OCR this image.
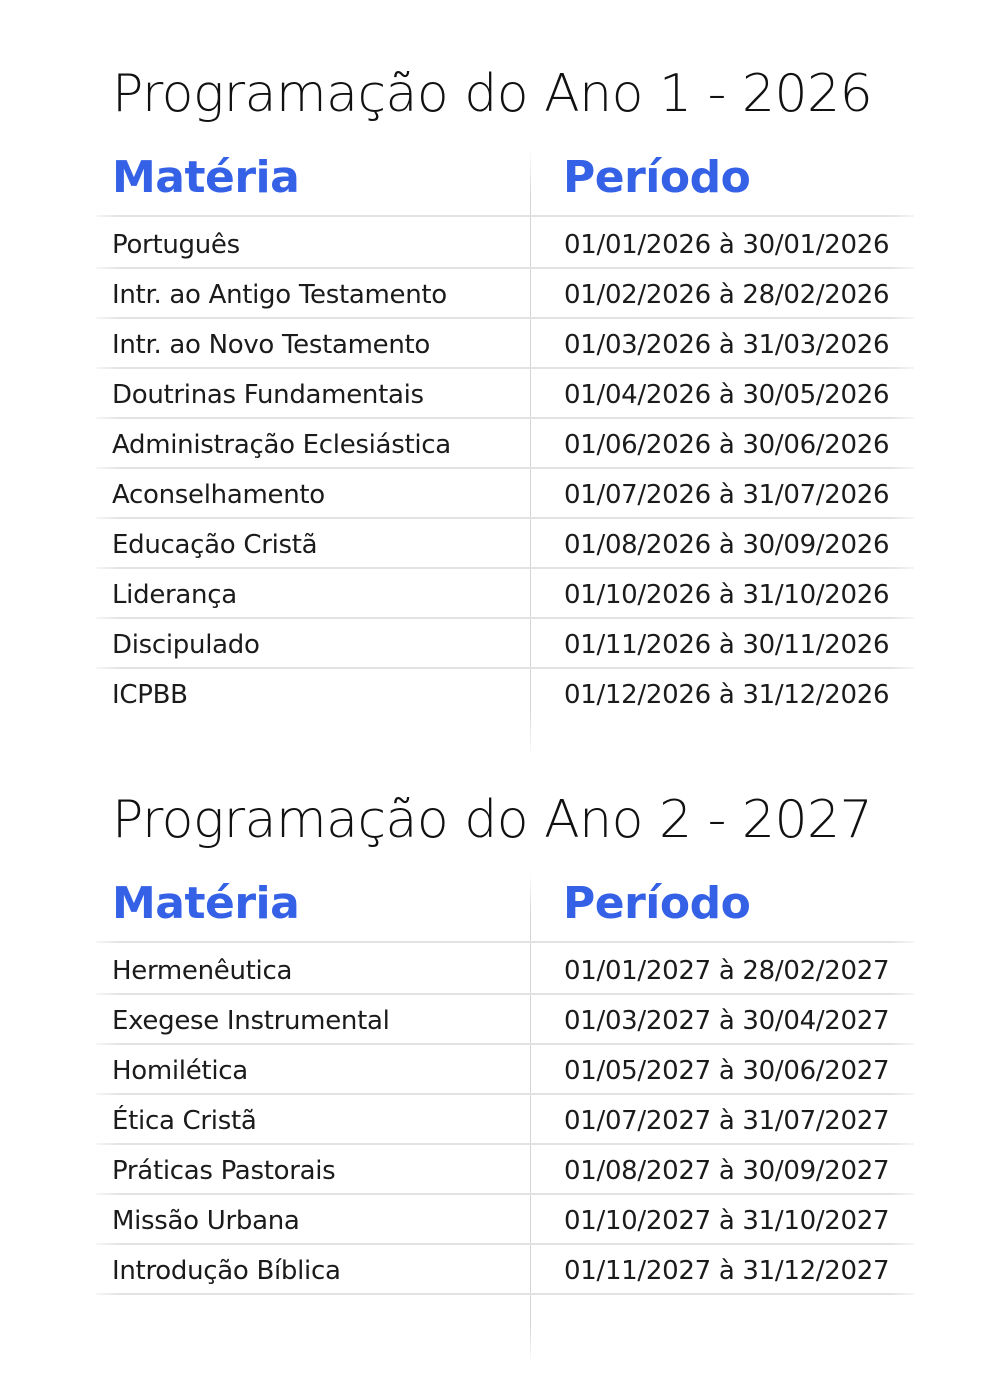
Programação do Ano 1 - 2026
Matéria	Período
Português	01/01/2026 à 30/01/2026
Intr. ao Antigo Testamento	01/02/2026 à 28/02/2026
Intr. ao Novo Testamento	01/03/2026 à 31/03/2026
Doutrinas Fundamentais	01/04/2026 à 30/05/2026
Administração Eclesiástica	01/06/2026 à 30/06/2026
Aconselhamento	01/07/2026 à 31/07/2026
Educação Cristã	01/08/2026 à 30/09/2026
Liderança	01/10/2026 à 31/10/2026
Discipulado	01/11/2026 à 30/11/2026
ICPBB	01/12/2026 à 31/12/2026
Programação do Ano 2 - 2027
Matéria	Período
Hermenêutica	01/01/2027 à 28/02/2027
Exegese Instrumental	01/03/2027 à 30/04/2027
Homilética	01/05/2027 à 30/06/2027
Ética Cristã	01/07/2027 à 31/07/2027
Práticas Pastorais	01/08/2027 à 30/09/2027
Missão Urbana	01/10/2027 à 31/10/2027
Introdução Bíblica	01/11/2027 à 31/12/2027
